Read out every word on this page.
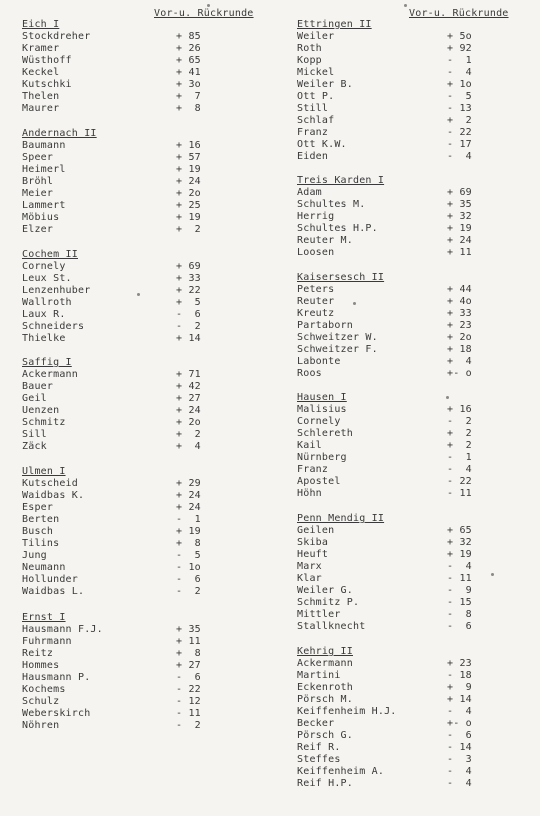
Vor-u. Rückrunde
Eich I
Stockdreher	+ 85
Kramer	+ 26
Wüsthoff	+ 65
Keckel	+ 41
Kutschki	+ 3o
Thelen	+  7
Maurer	+  8
Andernach II
Baumann	+ 16
Speer	+ 57
Heimerl	+ 19
Bröhl	+ 24
Meier	+ 2o
Lammert	+ 25
Möbius	+ 19
Elzer	+  2
Cochem II
Cornely	+ 69
Leux St.	+ 33
Lenzenhuber	+ 22
Wallroth	+  5
Laux R.	-  6
Schneiders	-  2
Thielke	+ 14
Saffig I
Ackermann	+ 71
Bauer	+ 42
Geil	+ 27
Uenzen	+ 24
Schmitz	+ 2o
Sill	+  2
Zäck	+  4
Ulmen I
Kutscheid	+ 29
Waidbas K.	+ 24
Esper	+ 24
Berten	-  1
Busch	+ 19
Tilins	+  8
Jung	-  5
Neumann	- 1o
Hollunder	-  6
Waidbas L.	-  2
Ernst I
Hausmann F.J.	+ 35
Fuhrmann	+ 11
Reitz	+  8
Hommes	+ 27
Hausmann P.	-  6
Kochems	- 22
Schulz	- 12
Weberskirch	- 11
Nöhren	-  2
Vor-u. Rückrunde
Ettringen II
Weiler	+ 5o
Roth	+ 92
Kopp	-  1
Mickel	-  4
Weiler B.	+ 1o
Ott P.	-  5
Still	- 13
Schlaf	+  2
Franz	- 22
Ott K.W.	- 17
Eiden	-  4
Treis Karden I
Adam	+ 69
Schultes M.	+ 35
Herrig	+ 32
Schultes H.P.	+ 19
Reuter M.	+ 24
Loosen	+ 11
Kaisersesch II
Peters	+ 44
Reuter	+ 4o
Kreutz	+ 33
Partaborn	+ 23
Schweitzer W.	+ 2o
Schweitzer F.	+ 18
Labonte	+  4
Roos	+- o
Hausen I
Malisius	+ 16
Cornely	-  2
Schlereth	+  2
Kail	+  2
Nürnberg	-  1
Franz	-  4
Apostel	- 22
Höhn	- 11
Penn Mendig II
Geilen	+ 65
Skiba	+ 32
Heuft	+ 19
Marx	-  4
Klar	- 11
Weiler G.	-  9
Schmitz P.	- 15
Mittler	-  8
Stallknecht	-  6
Kehrig II
Ackermann	+ 23
Martini	- 18
Eckenroth	+  9
Pörsch M.	+ 14
Keiffenheim H.J.	-  4
Becker	+- o
Pörsch G.	-  6
Reif R.	- 14
Steffes	-  3
Keiffenheim A.	-  4
Reif H.P.	-  4
